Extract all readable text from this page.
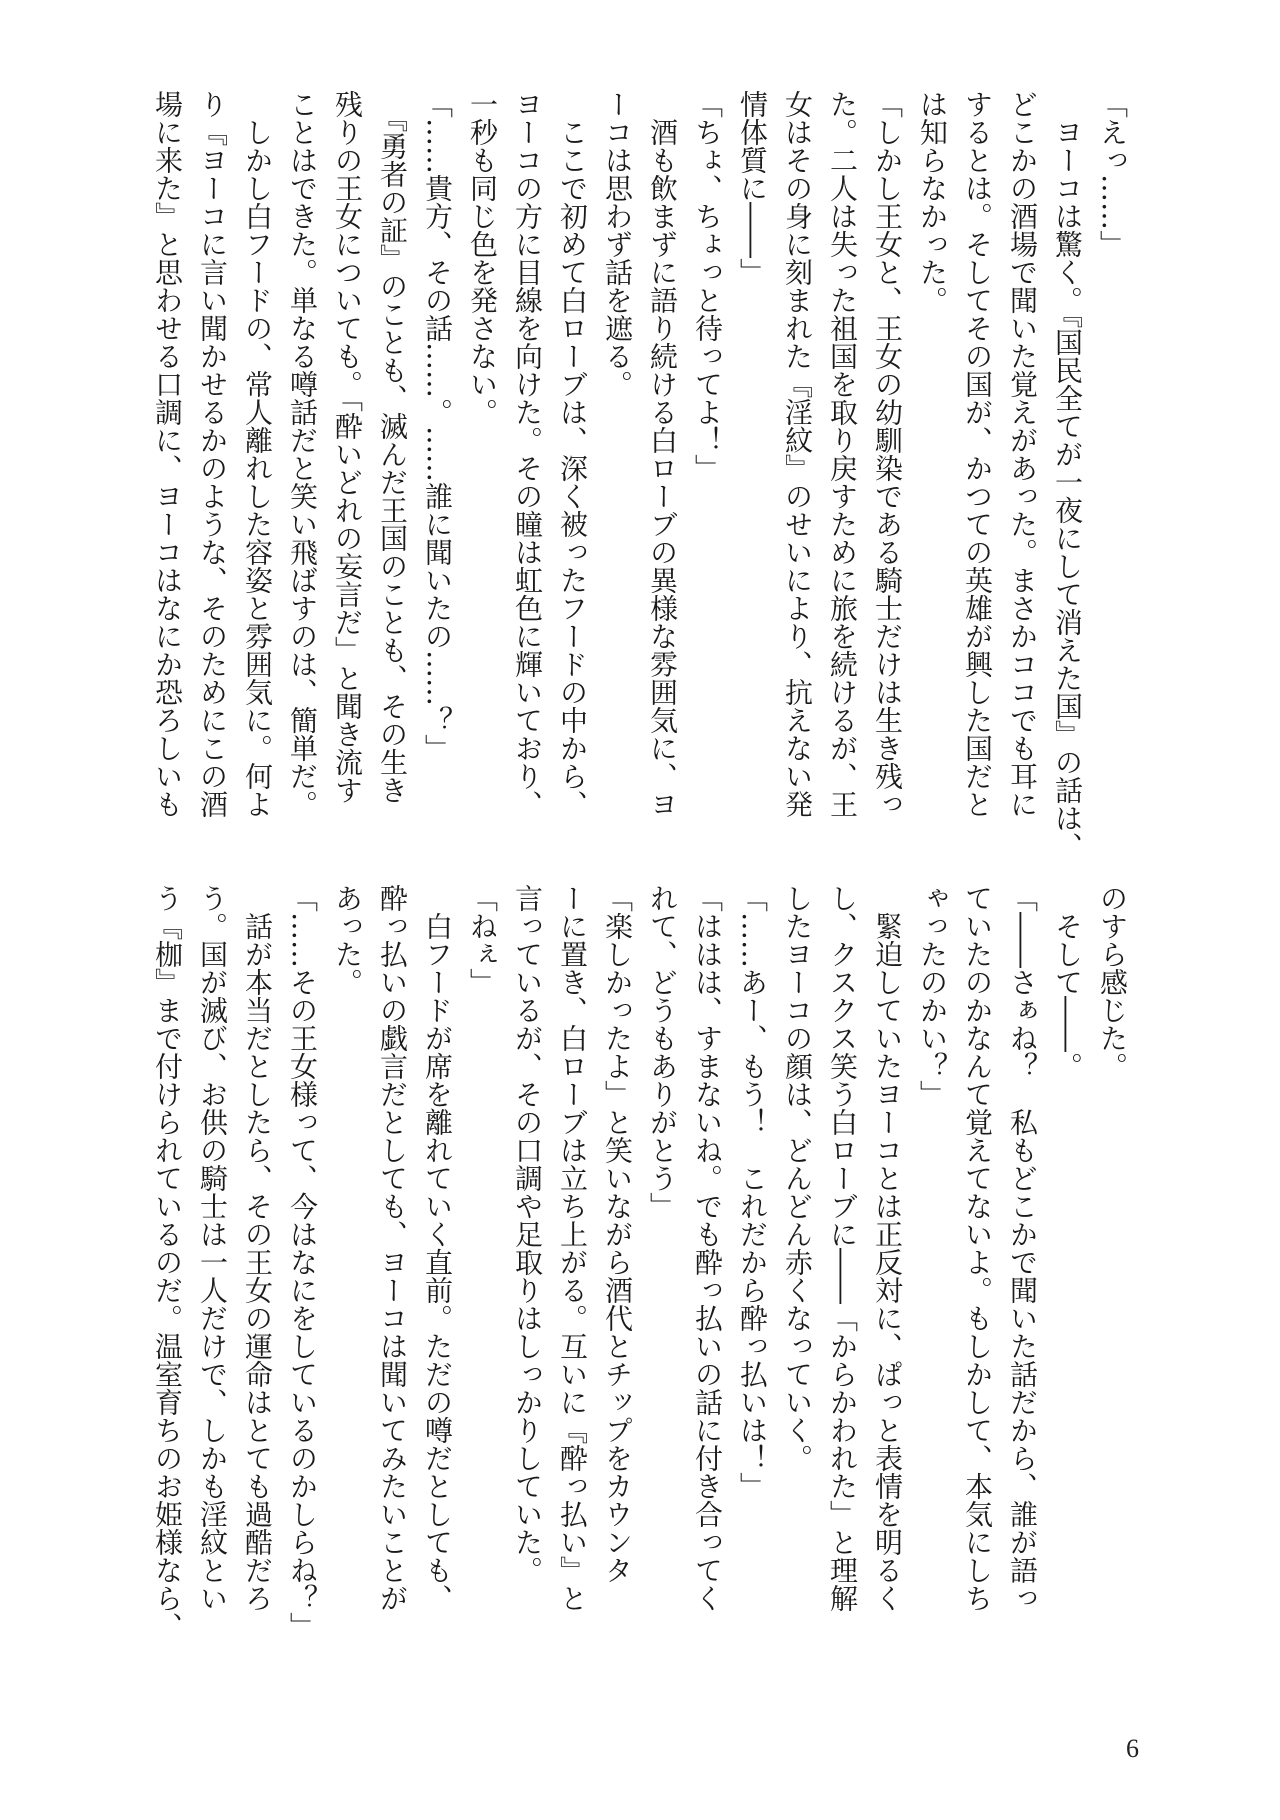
「えっ……」
　ヨーコは驚く。『国民全てが一夜にして消えた国』の話は、
どこかの酒場で聞いた覚えがあった。まさかココでも耳に
するとは。そしてその国が、かつての英雄が興した国だと
は知らなかった。
「しかし王女と、王女の幼馴染である騎士だけは生き残っ
た。二人は失った祖国を取り戻すために旅を続けるが、王
女はその身に刻まれた『淫紋』のせいにより、抗えない発
情体質に――」
「ちょ、ちょっと待ってよ！」
　酒も飲まずに語り続ける白ローブの異様な雰囲気に、ヨ
ーコは思わず話を遮る。
　ここで初めて白ローブは、深く被ったフードの中から、
ヨーコの方に目線を向けた。その瞳は虹色に輝いており、
一秒も同じ色を発さない。
「……貴方、その話……。……誰に聞いたの……？」
　『勇者の証』のことも、滅んだ王国のことも、その生き
残りの王女についても。「酔いどれの妄言だ」と聞き流す
ことはできた。単なる噂話だと笑い飛ばすのは、簡単だ。
　しかし白フードの、常人離れした容姿と雰囲気に。何よ
り『ヨーコに言い聞かせるかのような、そのためにこの酒
場に来た』と思わせる口調に、ヨーコはなにか恐ろしいも
のすら感じた。
　そして――。
「――さぁね？　私もどこかで聞いた話だから、誰が語っ
ていたのかなんて覚えてないよ。もしかして、本気にしち
ゃったのかい？」
　緊迫していたヨーコとは正反対に、ぱっと表情を明るく
し、クスクス笑う白ローブに――「からかわれた」と理解
したヨーコの顔は、どんどん赤くなっていく。
「……あー、もう！　これだから酔っ払いは！」
「ははは、すまないね。でも酔っ払いの話に付き合ってく
れて、どうもありがとう」
「楽しかったよ」と笑いながら酒代とチップをカウンタ
ーに置き、白ローブは立ち上がる。互いに『酔っ払い』と
言っているが、その口調や足取りはしっかりしていた。
「ねぇ」
　白フードが席を離れていく直前。ただの噂だとしても、
酔っ払いの戯言だとしても、ヨーコは聞いてみたいことが
あった。
「……その王女様って、今はなにをしているのかしらね？」
　話が本当だとしたら、その王女の運命はとても過酷だろ
う。国が滅び、お供の騎士は一人だけで、しかも淫紋とい
う『枷』まで付けられているのだ。温室育ちのお姫様なら、
6
